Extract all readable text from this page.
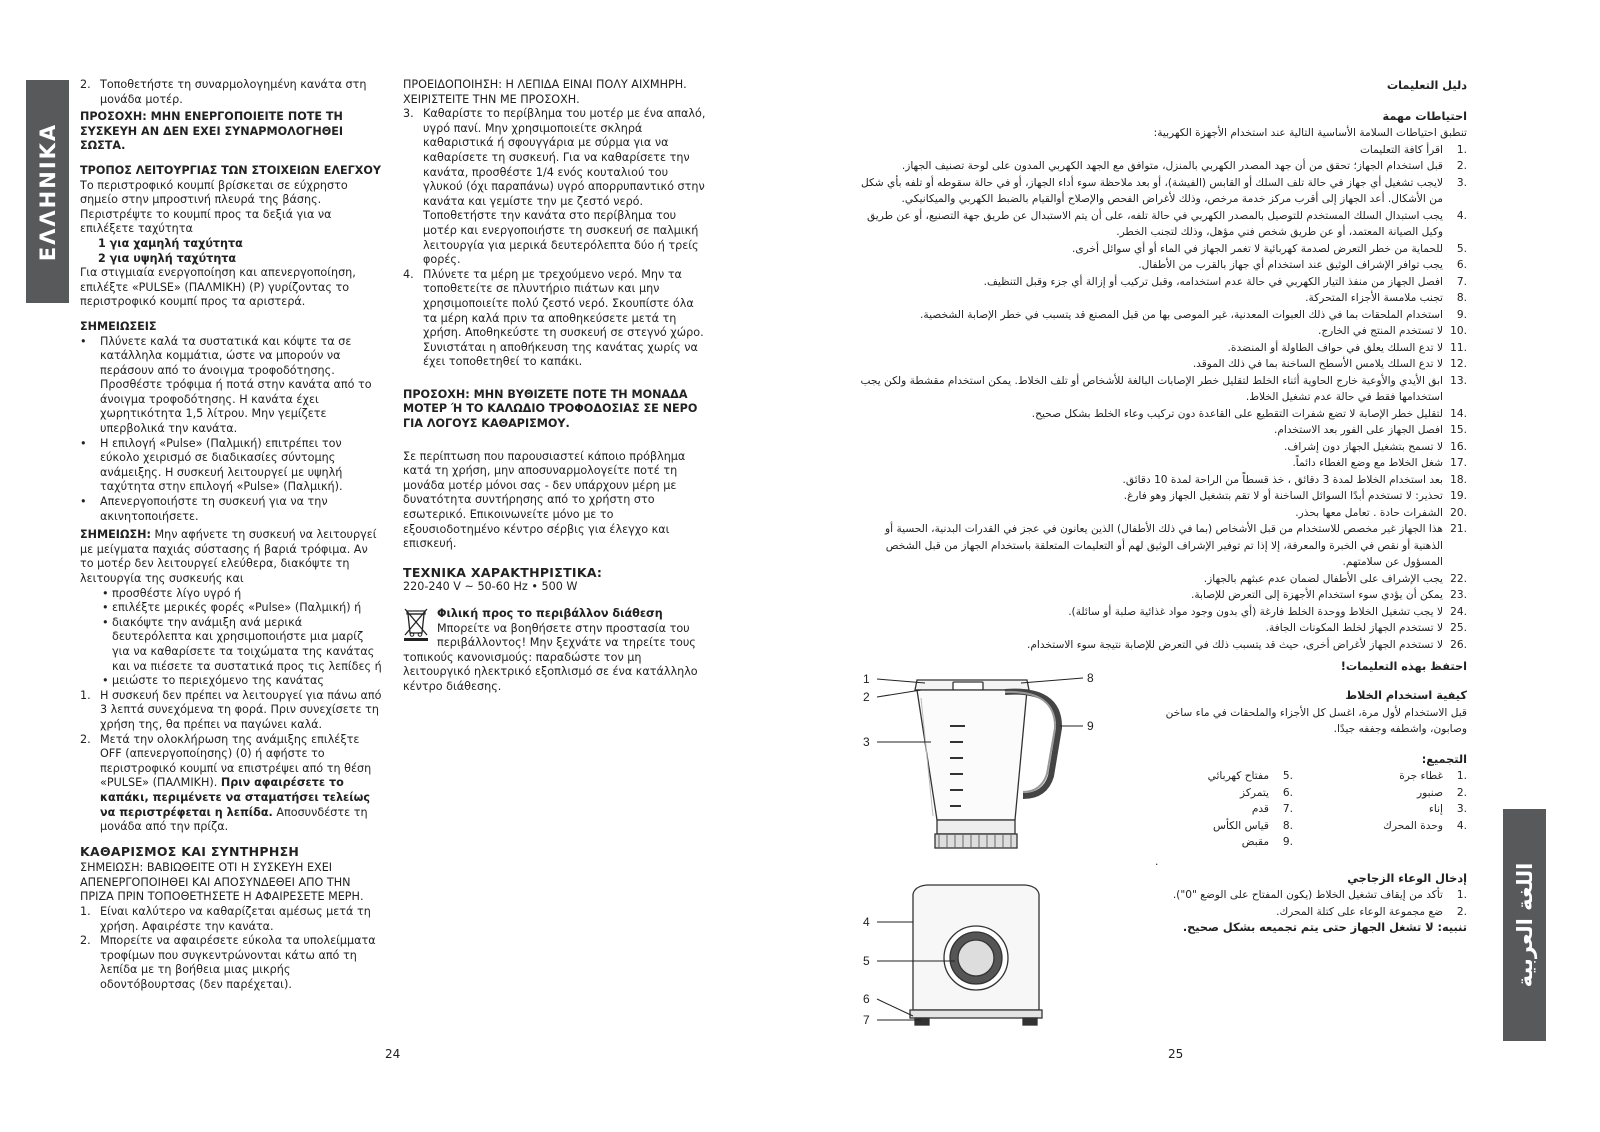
ΕΛΛΗΝΙΚΑ

2. Τοποθετήστε τη συναρμολογημένη κανάτα στη μονάδα μοτέρ.

ΠΡΟΣΟΧΗ: ΜΗΝ ΕΝΕΡΓΟΠΟΙΕΙΤΕ ΠΟΤΕ ΤΗ ΣΥΣΚΕΥΗ ΑΝ ΔΕΝ ΕΧΕΙ ΣΥΝΑΡΜΟΛΟΓΗΘΕΙ ΣΩΣΤΑ.

ΤΡΟΠΟΣ ΛΕΙΤΟΥΡΓΙΑΣ ΤΩΝ ΣΤΟΙΧΕΙΩΝ ΕΛΕΓΧΟΥ

Το περιστροφικό κουμπί βρίσκεται σε εύχρηστο σημείο στην μπροστινή πλευρά της βάσης. Περιστρέψτε το κουμπί προς τα δεξιά για να επιλέξετε ταχύτητα

1 για χαμηλή ταχύτητα

2 για υψηλή ταχύτητα

Για στιγμιαία ενεργοποίηση και απενεργοποίηση, επιλέξτε «PULSE» (ΠΑΛΜΙΚΗ) (P) γυρίζοντας το περιστροφικό κουμπί προς τα αριστερά.

ΣΗΜΕΙΩΣΕΙΣ

• Πλύνετε καλά τα συστατικά και κόψτε τα σε κατάλληλα κομμάτια, ώστε να μπορούν να περάσουν από το άνοιγμα τροφοδότησης. Προσθέστε τρόφιμα ή ποτά στην κανάτα από το άνοιγμα τροφοδότησης. Η κανάτα έχει χωρητικότητα 1,5 λίτρου. Μην γεμίζετε υπερβολικά την κανάτα.

• Η επιλογή «Pulse» (Παλμική) επιτρέπει τον εύκολο χειρισμό σε διαδικασίες σύντομης ανάμειξης. Η συσκευή λειτουργεί με υψηλή ταχύτητα στην επιλογή «Pulse» (Παλμική).

• Απενεργοποιήστε τη συσκευή για να την ακινητοποιήσετε.

ΣΗΜΕΙΩΣΗ: Μην αφήνετε τη συσκευή να λειτουργεί με μείγματα παχιάς σύστασης ή βαριά τρόφιμα. Αν το μοτέρ δεν λειτουργεί ελεύθερα, διακόψτε τη λειτουργία της συσκευής και

• προσθέστε λίγο υγρό ή

• επιλέξτε μερικές φορές «Pulse» (Παλμική) ή

• διακόψτε την ανάμιξη ανά μερικά δευτερόλεπτα και χρησιμοποιήστε μια μαρίζ για να καθαρίσετε τα τοιχώματα της κανάτας και να πιέσετε τα συστατικά προς τις λεπίδες ή

• μειώστε το περιεχόμενο της κανάτας

1. Η συσκευή δεν πρέπει να λειτουργεί για πάνω από 3 λεπτά συνεχόμενα τη φορά. Πριν συνεχίσετε τη χρήση της, θα πρέπει να παγώνει καλά.

2. Μετά την ολοκλήρωση της ανάμιξης επιλέξτε OFF (απενεργοποίησης) (0) ή αφήστε το περιστροφικό κουμπί να επιστρέψει από τη θέση «PULSE» (ΠΑΛΜΙΚΗ). Πριν αφαιρέσετε το καπάκι, περιμένετε να σταματήσει τελείως να περιστρέφεται η λεπίδα. Αποσυνδέστε τη μονάδα από την πρίζα.

ΚΑΘΑΡΙΣΜΟΣ ΚΑΙ ΣΥΝΤΗΡΗΣΗ

ΣΗΜΕΙΩΣΗ: ΒΑΒΙΩΘΕΙΤΕ ΟΤΙ Η ΣΥΣΚΕΥΗ ΕΧΕΙ ΑΠΕΝΕΡΓΟΠΟΙΗΘΕΙ ΚΑΙ ΑΠΟΣΥΝΔΕΘΕΙ ΑΠΟ ΤΗΝ ΠΡΙΖΑ ΠΡΙΝ ΤΟΠΟΘΕΤΗΣΕΤΕ Η ΑΦΑΙΡΕΣΕΤΕ ΜΕΡΗ.

1. Είναι καλύτερο να καθαρίζεται αμέσως μετά τη χρήση. Αφαιρέστε την κανάτα.

2. Μπορείτε να αφαιρέσετε εύκολα τα υπολείμματα τροφίμων που συγκεντρώνονται κάτω από τη λεπίδα με τη βοήθεια μιας μικρής οδοντόβουρτσας (δεν παρέχεται).

ΠΡΟΕΙΔΟΠΟΙΗΣΗ: Η ΛΕΠΙΔΑ ΕΙΝΑΙ ΠΟΛΥ ΑΙΧΜΗΡΗ. ΧΕΙΡΙΣΤΕΙΤΕ ΤΗΝ ΜΕ ΠΡΟΣΟΧΗ.

3. Καθαρίστε το περίβλημα του μοτέρ με ένα απαλό, υγρό πανί. Μην χρησιμοποιείτε σκληρά καθαριστικά ή σφουγγάρια με σύρμα για να καθαρίσετε τη συσκευή. Για να καθαρίσετε την κανάτα, προσθέστε 1/4 ενός κουταλιού του γλυκού (όχι παραπάνω) υγρό απορρυπαντικό στην κανάτα και γεμίστε την με ζεστό νερό. Τοποθετήστε την κανάτα στο περίβλημα του μοτέρ και ενεργοποιήστε τη συσκευή σε παλμική λειτουργία για μερικά δευτερόλεπτα δύο ή τρείς φορές.

4. Πλύνετε τα μέρη με τρεχούμενο νερό. Μην τα τοποθετείτε σε πλυντήριο πιάτων και μην χρησιμοποιείτε πολύ ζεστό νερό. Σκουπίστε όλα τα μέρη καλά πριν τα αποθηκεύσετε μετά τη χρήση. Αποθηκεύστε τη συσκευή σε στεγνό χώρο. Συνιστάται η αποθήκευση της κανάτας χωρίς να έχει τοποθετηθεί το καπάκι.

ΠΡΟΣΟΧΗ: ΜΗΝ ΒΥΘΙΖΕΤΕ ΠΟΤΕ ΤΗ ΜΟΝΑΔΑ ΜΟΤΕΡ Ή ΤΟ ΚΑΛΩΔΙΟ ΤΡΟΦΟΔΟΣΙΑΣ ΣΕ ΝΕΡΟ ΓΙΑ ΛΟΓΟΥΣ ΚΑΘΑΡΙΣΜΟΥ.

Σε περίπτωση που παρουσιαστεί κάποιο πρόβλημα κατά τη χρήση, μην αποσυναρμολογείτε ποτέ τη μονάδα μοτέρ μόνοι σας - δεν υπάρχουν μέρη με δυνατότητα συντήρησης από το χρήστη στο εσωτερικό. Επικοινωνείτε μόνο με το εξουσιοδοτημένο κέντρο σέρβις για έλεγχο και επισκευή.

ΤΕΧΝΙΚΑ ΧΑΡΑΚΤΗΡΙΣΤΙΚΑ:

220-240 V ~ 50-60 Hz • 500 W

Φιλική προς το περιβάλλον διάθεση

Μπορείτε να βοηθήσετε στην προστασία του

περιβάλλοντος! Μην ξεχνάτε να τηρείτε τους

τοπικούς κανονισμούς: παραδώστε τον μη λειτουργικό ηλεκτρικό εξοπλισμό σε ένα κατάλληλο κέντρο διάθεσης.

24

دليل التعليمات

احتياطات مهمة

تنطبق احتياطات السلامة الأساسية التالية عند استخدام الأجهزة الكهربية:

.1
اقرأ كافة التعليمات

.2
قبل استخدام الجهاز؛ تحقق من أن جهد المصدر الكهربي بالمنزل، متوافق مع الجهد الكهربي المدون على لوحة تصنيف الجهاز.

.3
لايجب تشغيل أي جهاز في حالة تلف السلك أو القابس (الفيشة)، أو بعد ملاحظة سوء أداء الجهاز، أو في حالة سقوطه أو تلفه بأي شكل من الأشكال. أعد الجهاز إلى أقرب مركز خدمة مرخص، وذلك لأغراض الفحص والإصلاح أوالقيام بالضبط الكهربي والميكانيكي.

.4
يجب استبدال السلك المستخدم للتوصيل بالمصدر الكهربي في حالة تلفه، على أن يتم الاستبدال عن طريق جهة التصنيع، أو عن طريق وكيل الصيانة المعتمد، أو عن طريق شخص فني مؤهل، وذلك لتجنب الخطر.

.5
للحماية من خطر التعرض لصدمة كهربائية لا تغمر الجهاز في الماء أو أي سوائل أخرى.

.6
يجب توافر الإشراف الوثيق عند استخدام أي جهاز بالقرب من الأطفال.

.7
افصل الجهاز من منفذ التيار الكهربي في حالة عدم استخدامه، وقبل تركيب أو إزالة أي جزء وقبل التنظيف.

.8
تجنب ملامسة الأجزاء المتحركة.

.9
استخدام الملحقات بما في ذلك العبوات المعدنية، غير الموصى بها من قبل المصنع قد يتسبب في خطر الإصابة الشخصية.

.10
لا تستخدم المنتج في الخارج.

.11
لا تدع السلك يعلق في حواف الطاولة أو المنضدة.

.12
لا تدع السلك يلامس الأسطح الساخنة بما في ذلك الموقد.

.13
ابق الأيدي والأوعية خارج الحاوية أثناء الخلط لتقليل خطر الإصابات البالغة للأشخاص أو تلف الخلاط. يمكن استخدام مقشطة ولكن يجب استخدامها فقط في حالة عدم تشغيل الخلاط.

.14
لتقليل خطر الإصابة لا تضع شفرات التقطيع على القاعدة دون تركيب وعاء الخلط بشكل صحيح.

.15
افصل الجهاز على الفور بعد الاستخدام.

.16
لا تسمح بتشغيل الجهاز دون إشراف.

.17
شغل الخلاط مع وضع الغطاء دائماً.

.18
بعد استخدام الخلاط لمدة 3 دقائق ، خذ قسطاً من الراحة لمدة 10 دقائق.

.19
تحذير: لا تستخدم أبدًا السوائل الساخنة أو لا تقم بتشغيل الجهاز وهو فارغ.

.20
الشفرات حادة . تعامل معها بحذر.

.21
هذا الجهاز غير مخصص للاستخدام من قبل الأشخاص (بما في ذلك الأطفال) الذين يعانون في عجز في القدرات البدنية، الحسية أو الذهنية أو نقص في الخبرة والمعرفة، إلا إذا تم توفير الإشراف الوثيق لهم أو التعليمات المتعلقة باستخدام الجهاز من قبل الشخص المسؤول عن سلامتهم.

.22
يجب الإشراف على الأطفال لضمان عدم عبثهم بالجهاز.

.23
يمكن أن يؤدي سوء استخدام الأجهزة إلى التعرض للإصابة.

.24
لا يجب تشغيل الخلاط ووحدة الخلط فارغة (أي بدون وجود مواد غذائية صلبة أو سائلة).

.25
لا تستخدم الجهاز لخلط المكونات الجافة.

.26
لا تستخدم الجهاز لأغراض أخرى، حيث قد يتسبب ذلك في التعرض للإصابة نتيجة سوء الاستخدام.

احتفظ بهذه التعليمات!

كيفية استخدام الخلاط

قبل الاستخدام لأول مرة، اغسل كل الأجزاء والملحقات في ماء ساخن وصابون، واشطفه وجففه جيدًا.

التجميع:

.1
غطاء جرة

.2
صنبور

.3
إناء

.4
وحدة المحرك

.5
مفتاح كهربائي

.6
يتمركز

.7
قدم

.8
قياس الكأس

.9
مقبض

.

إدخال الوعاء الزجاجي

.1
تأكد من إيقاف تشغيل الخلاط (يكون المفتاح على الوضع "0").

.2
ضع مجموعة الوعاء على كتلة المحرك.

تنبيه: لا تشغل الجهاز حتى يتم تجميعه بشكل صحيح.

1
2
3
4
5
6
7
8
9
اللغة العربية
25
